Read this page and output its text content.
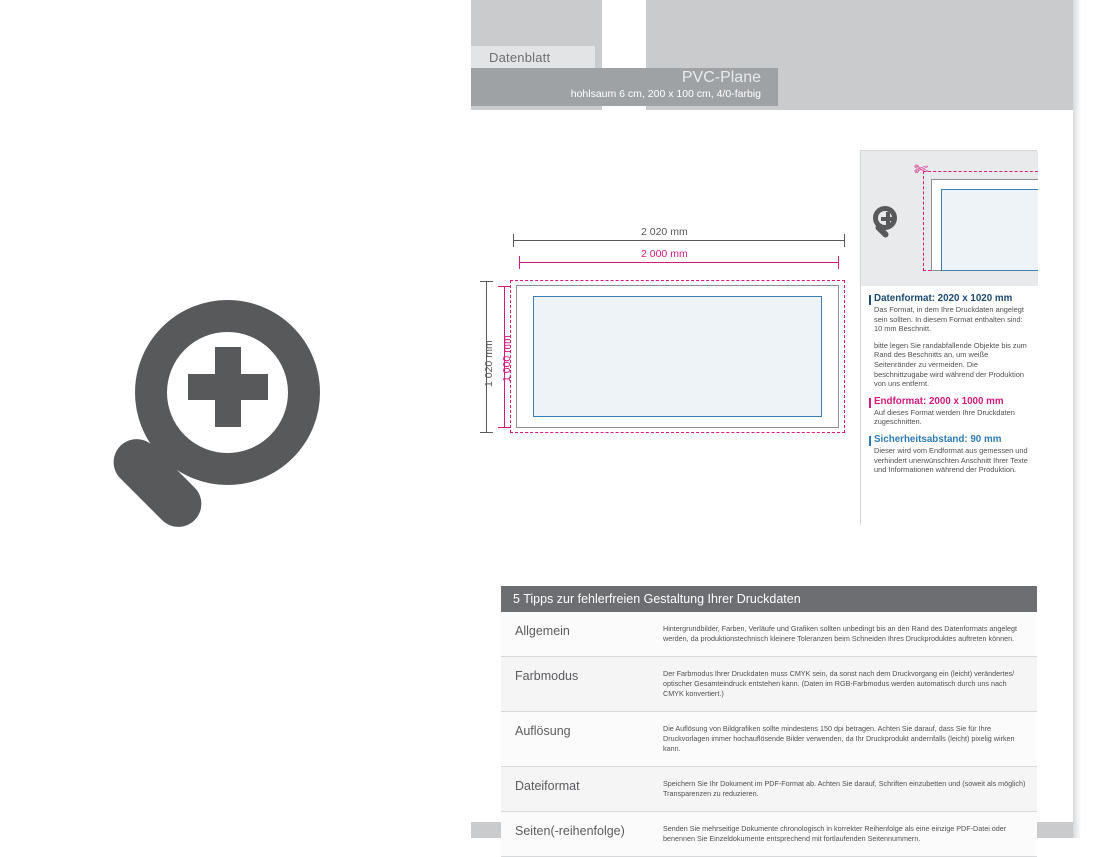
Datenblatt
PVC-Plane
hohlsaum 6 cm, 200 x 100 cm, 4/0-farbig
2 020 mm
2 000 mm
1 020 mm 1 000 mm
✄
Datenformat: 2020 x 1020 mm
Das Format, in dem Ihre Druckdaten angelegt sein sollten. In diesem Format enthalten sind: 10 mm Beschnitt.
bitte legen Sie randabfallende Objekte bis zum Rand des Beschnitts an, um weiße Seitenränder zu vermeiden. Die beschnittzugabe wird während der Produktion von uns entfernt.
Endformat: 2000 x 1000 mm
Auf dieses Format werden Ihre Druckdaten zugeschnitten.
Sicherheitsabstand: 90 mm
Dieser wird vom Endformat aus gemessen und verhindert unerwünschten Anschnitt Ihrer Texte und Informationen während der Produktion.
5 Tipps zur fehlerfreien Gestaltung Ihrer Druckdaten
Allgemein	Hintergrundbilder, Farben, Verläufe und Grafiken sollten unbedingt bis an den Rand des Datenformats angelegt werden, da produktionstechnisch kleinere Toleranzen beim Schneiden Ihres Druckproduktes auftreten können.
Farbmodus	Der Farbmodus Ihrer Druckdaten muss CMYK sein, da sonst nach dem Druckvorgang ein (leicht) verändertes/ optischer Gesamteindruck entstehen kann. (Daten im RGB-Farbmodus werden automatisch durch uns nach CMYK konvertiert.)
Auflösung	Die Auflösung von Bildgrafiken sollte mindestens 150 dpi betragen. Achten Sie darauf, dass Sie für Ihre Druckvorlagen immer hochauflösende Bilder verwenden, da Ihr Druckprodukt andernfalls (leicht) pixelig wirken kann.
Dateiformat	Speichern Sie Ihr Dokument im PDF-Format ab. Achten Sie darauf, Schriften einzubetten und (soweit als möglich) Transparenzen zu reduzieren.
Seiten(-reihenfolge)	Senden Sie mehrseitige Dokumente chronologisch in korrekter Reihenfolge als eine einzige PDF-Datei oder benennen Sie Einzeldokumente entsprechend mit fortlaufenden Seitennummern.
